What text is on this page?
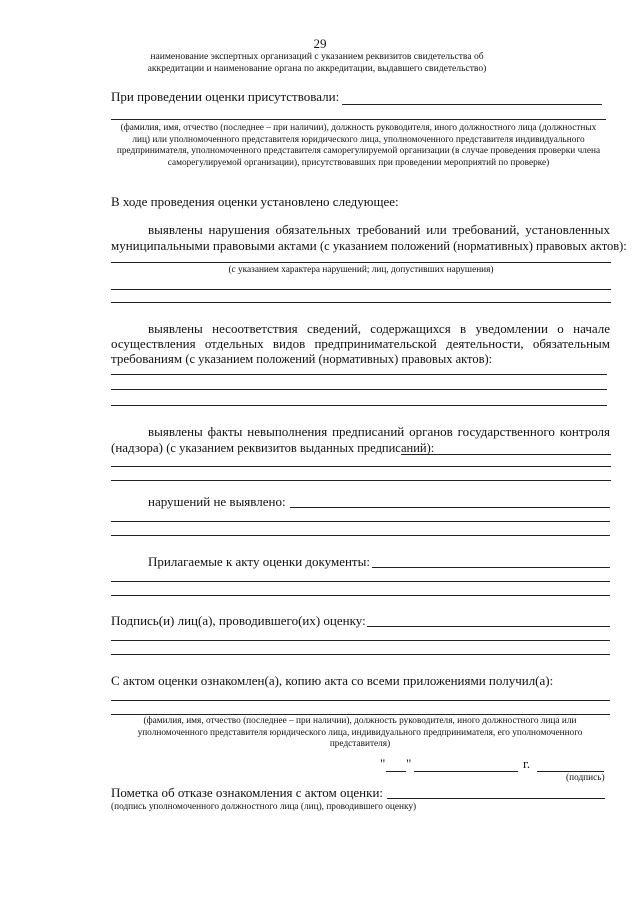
29
наименование экспертных организаций с указанием реквизитов свидетельства об аккредитации и наименование органа по аккредитации, выдавшего свидетельство)
При проведении оценки присутствовали:
(фамилия, имя, отчество (последнее – при наличии), должность руководителя, иного должностного лица (должностных лиц) или уполномоченного представителя юридического лица, уполномоченного представителя индивидуального предпринимателя, уполномоченного представителя саморегулируемой организации (в случае проведения проверки члена саморегулируемой организации), присутствовавших при проведении мероприятий по проверке)
В ходе проведения оценки установлено следующее:
выявлены нарушения обязательных требований или требований, установленных
муниципальными правовыми актами (с указанием положений (нормативных) правовых актов):
(с указанием характера нарушений; лиц, допустивших нарушения)
выявлены несоответствия сведений, содержащихся в уведомлении о начале
осуществления отдельных видов предпринимательской деятельности, обязательным
требованиям (с указанием положений (нормативных) правовых актов):
выявлены факты невыполнения предписаний органов государственного контроля
(надзора) (с указанием реквизитов выданных предписаний):
нарушений не выявлено:
Прилагаемые к акту оценки документы:
Подпись(и) лиц(а), проводившего(их) оценку:
С актом оценки ознакомлен(а), копию акта со всеми приложениями получил(а):
(фамилия, имя, отчество (последнее – при наличии), должность руководителя, иного должностного лица или уполномоченного представителя юридического лица, индивидуального предпринимателя, его уполномоченного представителя)
" "	г.
(подпись)
Пометка об отказе ознакомления с актом оценки:
(подпись уполномоченного должностного лица (лиц), проводившего оценку)
